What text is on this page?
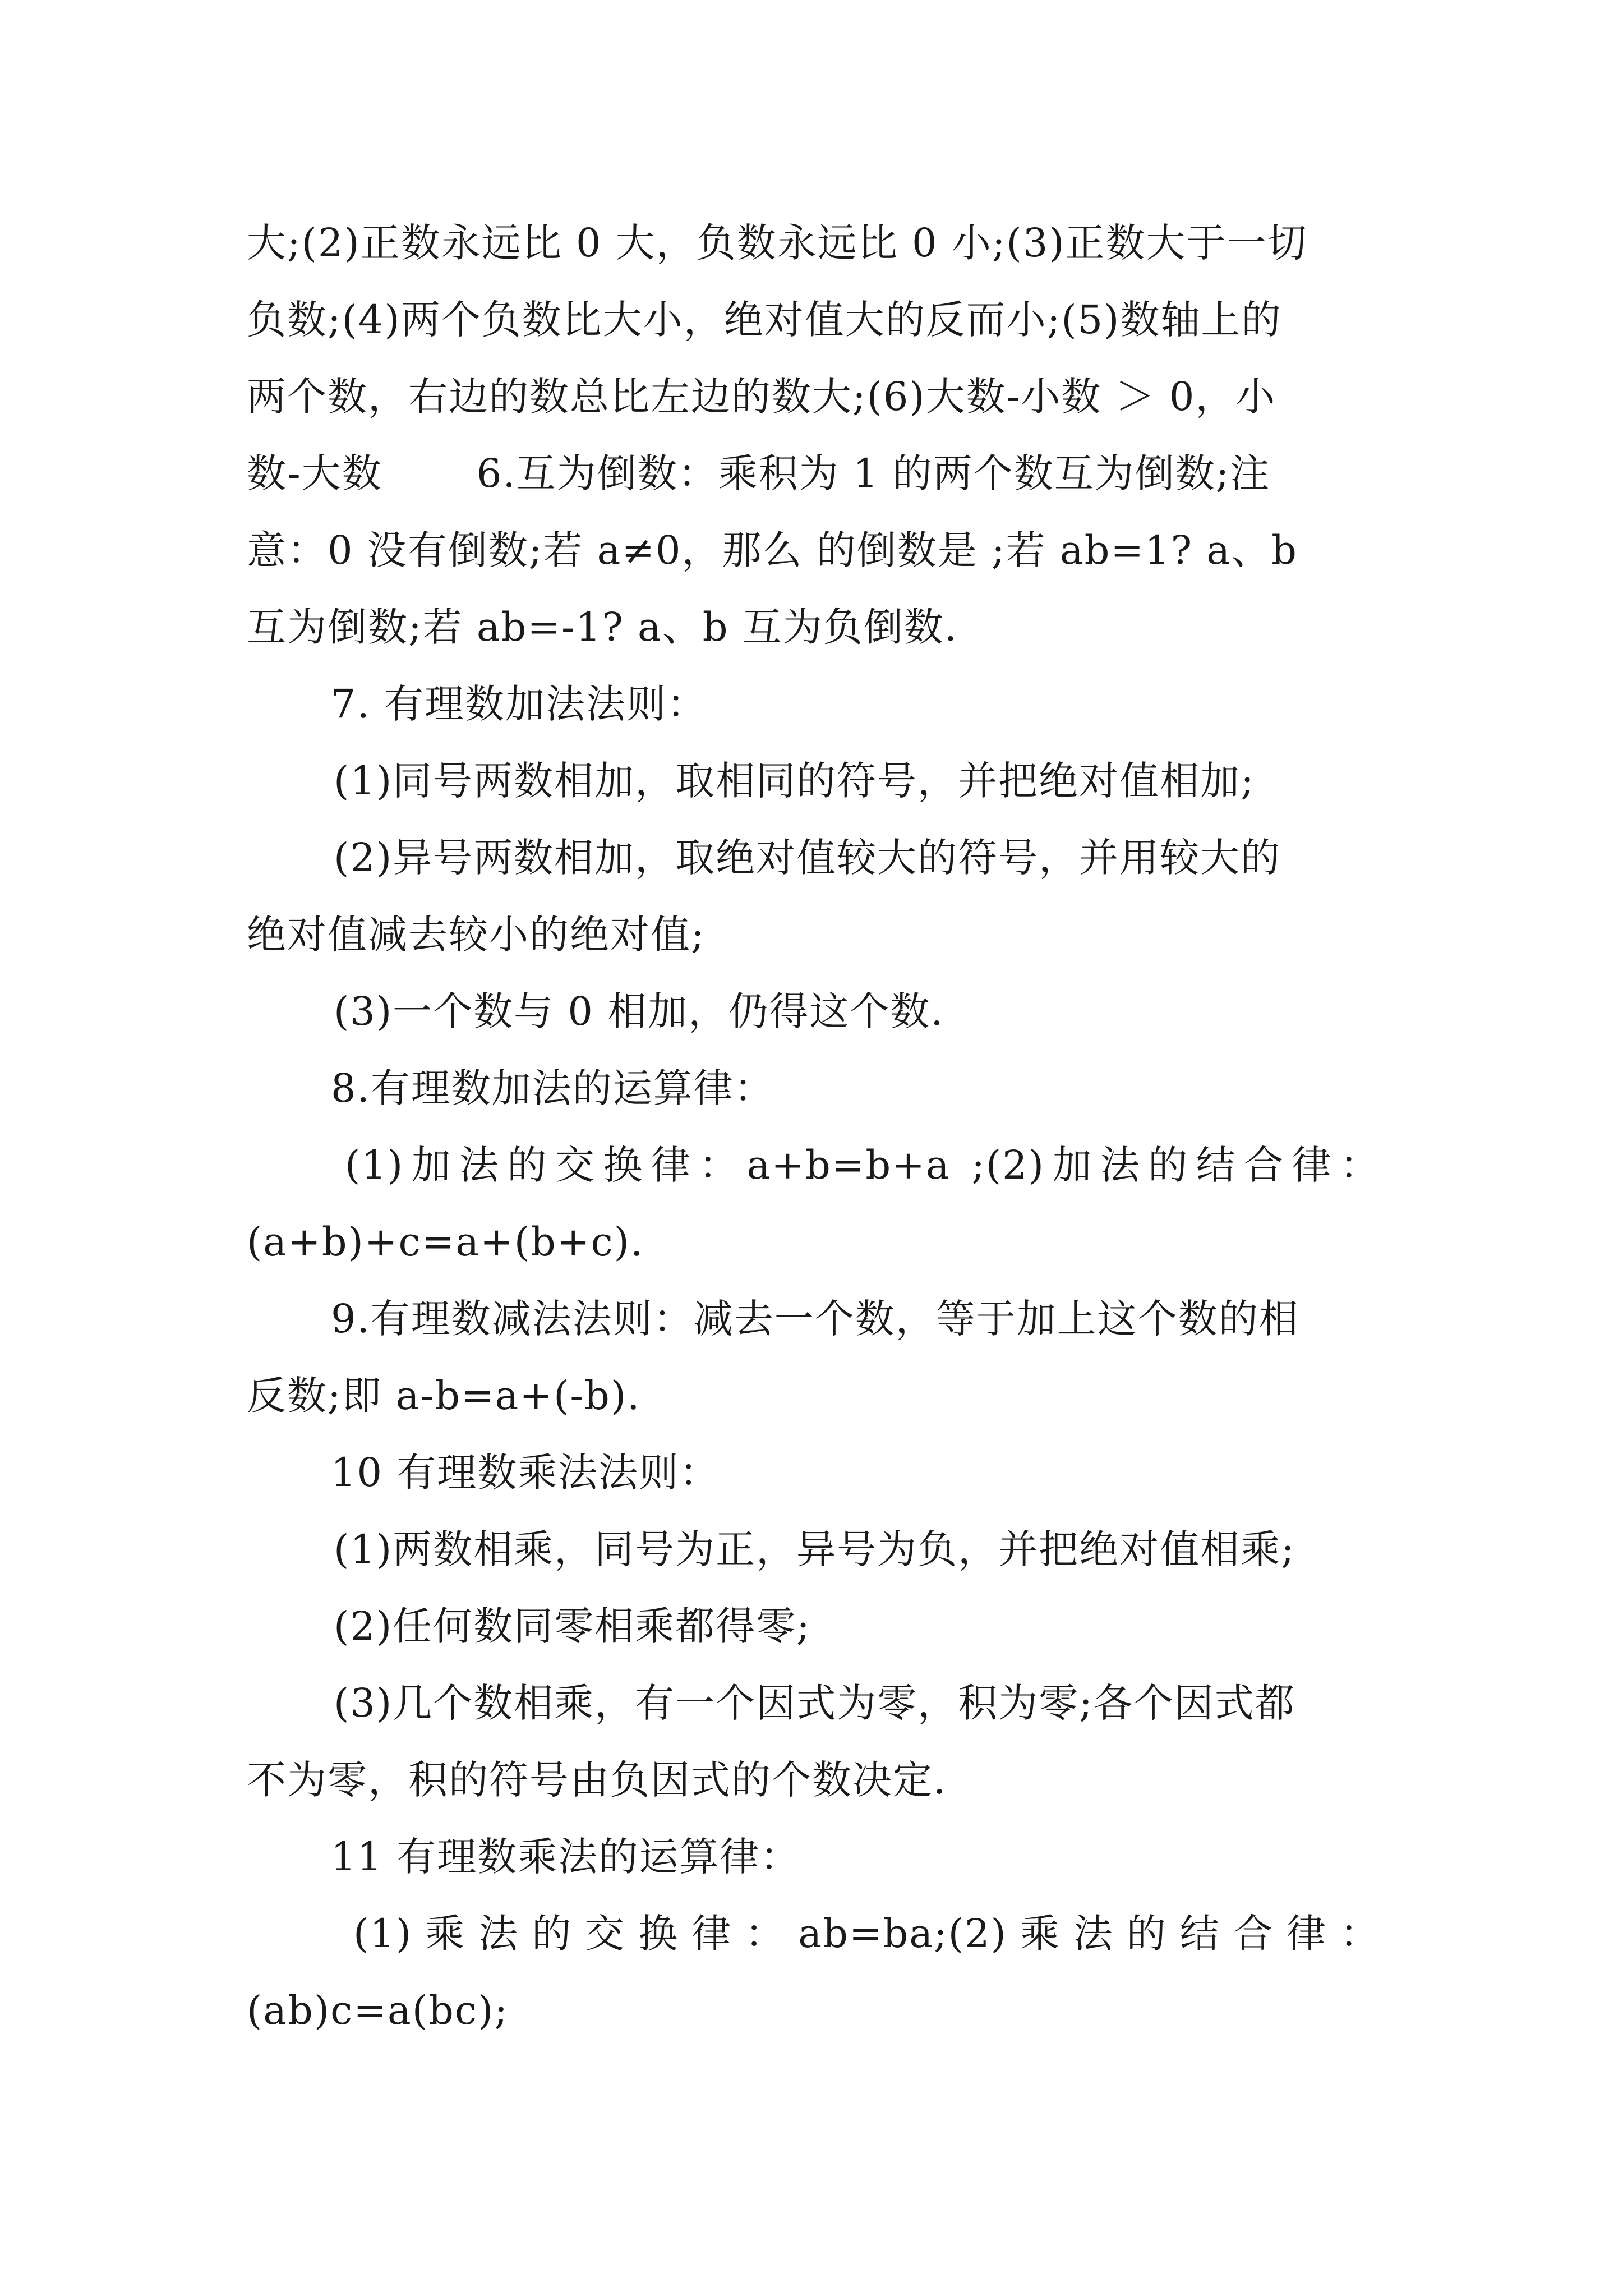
大;(2)正数永远比 0 大，负数永远比 0 小;(3)正数大于一切
负数;(4)两个负数比大小，绝对值大的反而小;(5)数轴上的
两个数，右边的数总比左边的数大;(6)大数-小数 ＞ 0，小
数-大数　　 6.互为倒数：乘积为 1 的两个数互为倒数;注
意：0 没有倒数;若 a≠0，那么 的倒数是 ;若 ab=1? a、b
互为倒数;若 ab=-1? a、b 互为负倒数.
7. 有理数加法法则：
(1)同号两数相加，取相同的符号，并把绝对值相加;
(2)异号两数相加，取绝对值较大的符号，并用较大的
绝对值减去较小的绝对值;
(3)一个数与 0 相加，仍得这个数.
8.有理数加法的运算律：
(1)加法的交换律：a+b=b+a ;(2)加法的结合律：
(a+b)+c=a+(b+c).
9.有理数减法法则：减去一个数，等于加上这个数的相
反数;即 a-b=a+(-b).
10 有理数乘法法则：
(1)两数相乘，同号为正，异号为负，并把绝对值相乘;
(2)任何数同零相乘都得零;
(3)几个数相乘，有一个因式为零，积为零;各个因式都
不为零，积的符号由负因式的个数决定.
11 有理数乘法的运算律：
(1)乘法的交换律：ab=ba;(2)乘法的结合律：
(ab)c=a(bc);
